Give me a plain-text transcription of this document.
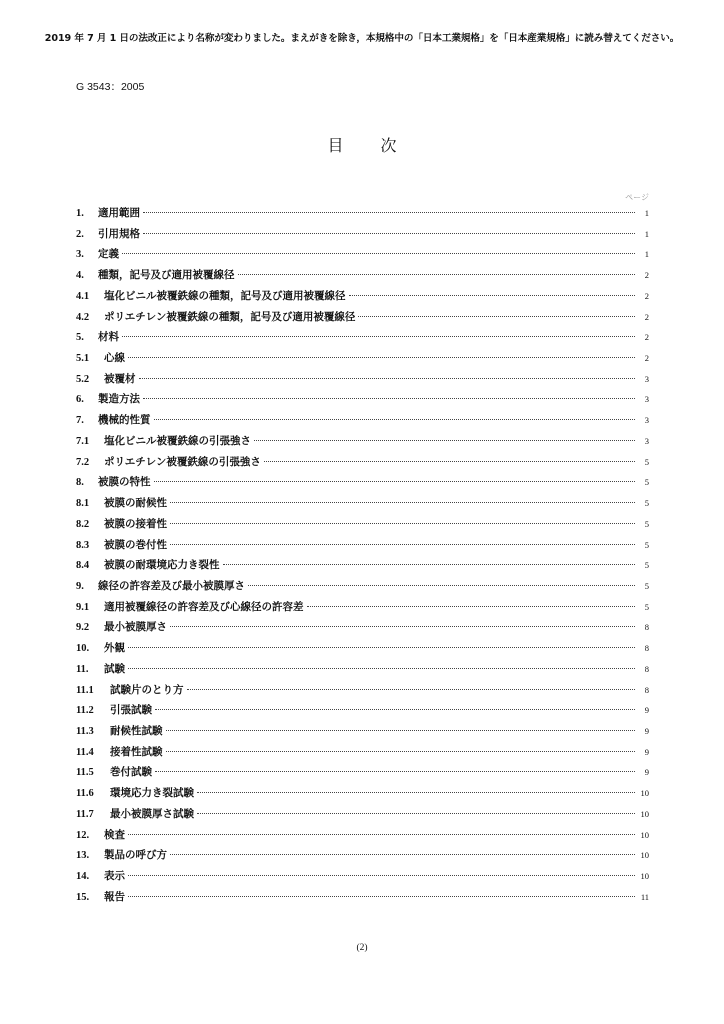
2019 年 7 月 1 日の法改正により名称が変わりました。まえがきを除き，本規格中の「日本工業規格」を「日本産業規格」に読み替えてください。
G 3543：2005
目 次
ページ
1.	適用範囲	1
2.	引用規格	1
3.	定義	1
4.	種類，記号及び適用被覆線径	2
4.1	塩化ビニル被覆鉄線の種類，記号及び適用被覆線径	2
4.2	ポリエチレン被覆鉄線の種類，記号及び適用被覆線径	2
5.	材料	2
5.1	心線	2
5.2	被覆材	3
6.	製造方法	3
7.	機械的性質	3
7.1	塩化ビニル被覆鉄線の引張強さ	3
7.2	ポリエチレン被覆鉄線の引張強さ	5
8.	被膜の特性	5
8.1	被膜の耐候性	5
8.2	被膜の接着性	5
8.3	被膜の巻付性	5
8.4	被膜の耐環境応力き裂性	5
9.	線径の許容差及び最小被膜厚さ	5
9.1	適用被覆線径の許容差及び心線径の許容差	5
9.2	最小被膜厚さ	8
10.	外観	8
11.	試験	8
11.1	試験片のとり方	8
11.2	引張試験	9
11.3	耐候性試験	9
11.4	接着性試験	9
11.5	巻付試験	9
11.6	環境応力き裂試験	10
11.7	最小被膜厚さ試験	10
12.	検査	10
13.	製品の呼び方	10
14.	表示	10
15.	報告	11
(2)
